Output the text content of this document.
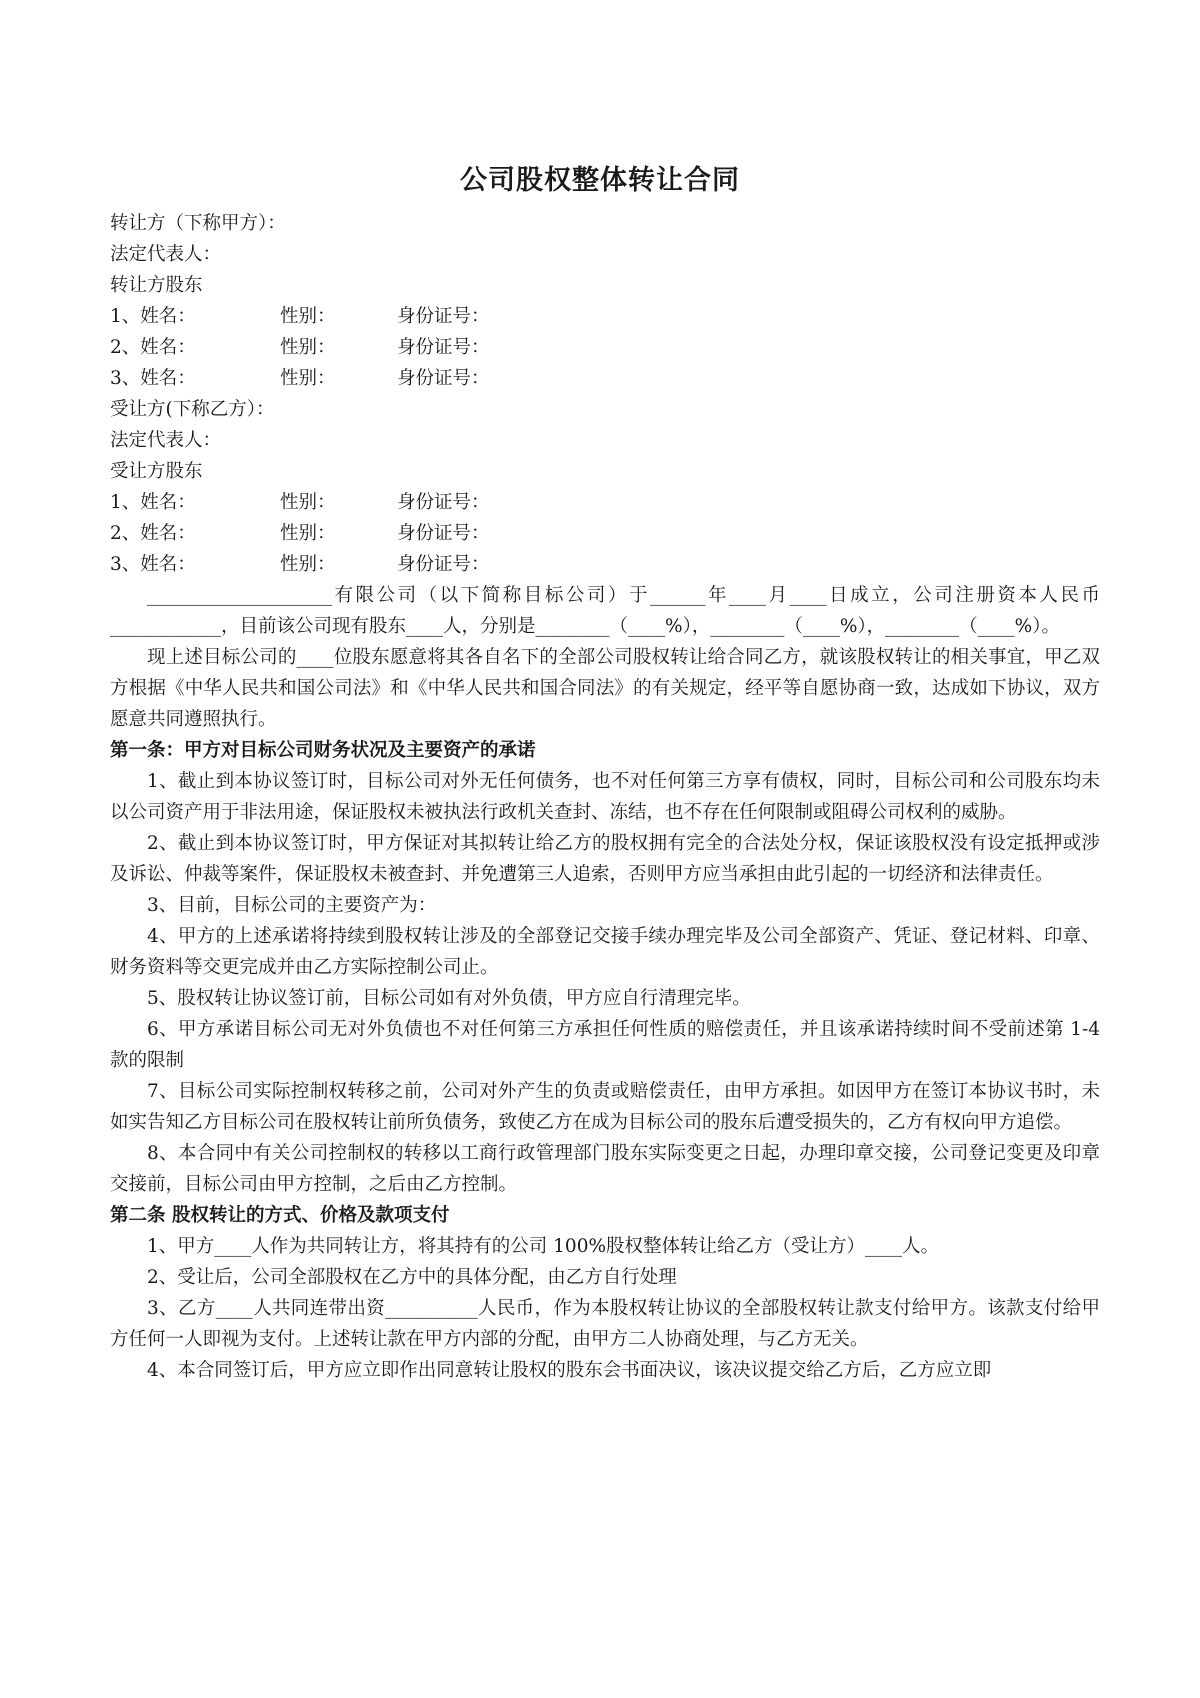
公司股权整体转让合同
转让方（下称甲方）：
法定代表人：
转让方股东
1、姓名：	性别：	身份证号：
2、姓名：	性别：	身份证号：
3、姓名：	性别：	身份证号：
受让方(下称乙方）：
法定代表人：
受让方股东
1、姓名：	性别：	身份证号：
2、姓名：	性别：	身份证号：
3、姓名：	性别：	身份证号：
____________________有限公司（以下简称目标公司）于______年____月____日成立，公司注册资本人民币____________，目前该公司现有股东____人，分别是________（____%），________（____%），________（____%）。
现上述目标公司的____位股东愿意将其各自名下的全部公司股权转让给合同乙方，就该股权转让的相关事宜，甲乙双方根据《中华人民共和国公司法》和《中华人民共和国合同法》的有关规定，经平等自愿协商一致，达成如下协议，双方愿意共同遵照执行。
第一条：甲方对目标公司财务状况及主要资产的承诺
1、截止到本协议签订时，目标公司对外无任何债务，也不对任何第三方享有债权，同时，目标公司和公司股东均未以公司资产用于非法用途，保证股权未被执法行政机关查封、冻结，也不存在任何限制或阻碍公司权利的威胁。
2、截止到本协议签订时，甲方保证对其拟转让给乙方的股权拥有完全的合法处分权，保证该股权没有设定抵押或涉及诉讼、仲裁等案件，保证股权未被查封、并免遭第三人追索，否则甲方应当承担由此引起的一切经济和法律责任。
3、目前，目标公司的主要资产为：
4、甲方的上述承诺将持续到股权转让涉及的全部登记交接手续办理完毕及公司全部资产、凭证、登记材料、印章、财务资料等交更完成并由乙方实际控制公司止。
5、股权转让协议签订前，目标公司如有对外负债，甲方应自行清理完毕。
6、甲方承诺目标公司无对外负债也不对任何第三方承担任何性质的赔偿责任，并且该承诺持续时间不受前述第 1-4 款的限制
7、目标公司实际控制权转移之前，公司对外产生的负责或赔偿责任，由甲方承担。如因甲方在签订本协议书时，未如实告知乙方目标公司在股权转让前所负债务，致使乙方在成为目标公司的股东后遭受损失的，乙方有权向甲方追偿。
8、本合同中有关公司控制权的转移以工商行政管理部门股东实际变更之日起，办理印章交接，公司登记变更及印章交接前，目标公司由甲方控制，之后由乙方控制。
第二条 股权转让的方式、价格及款项支付
1、甲方____人作为共同转让方，将其持有的公司 100%股权整体转让给乙方（受让方）____人。
2、受让后，公司全部股权在乙方中的具体分配，由乙方自行处理
3、乙方____人共同连带出资__________人民币，作为本股权转让协议的全部股权转让款支付给甲方。该款支付给甲方任何一人即视为支付。上述转让款在甲方内部的分配，由甲方二人协商处理，与乙方无关。
4、本合同签订后，甲方应立即作出同意转让股权的股东会书面决议，该决议提交给乙方后，乙方应立即
